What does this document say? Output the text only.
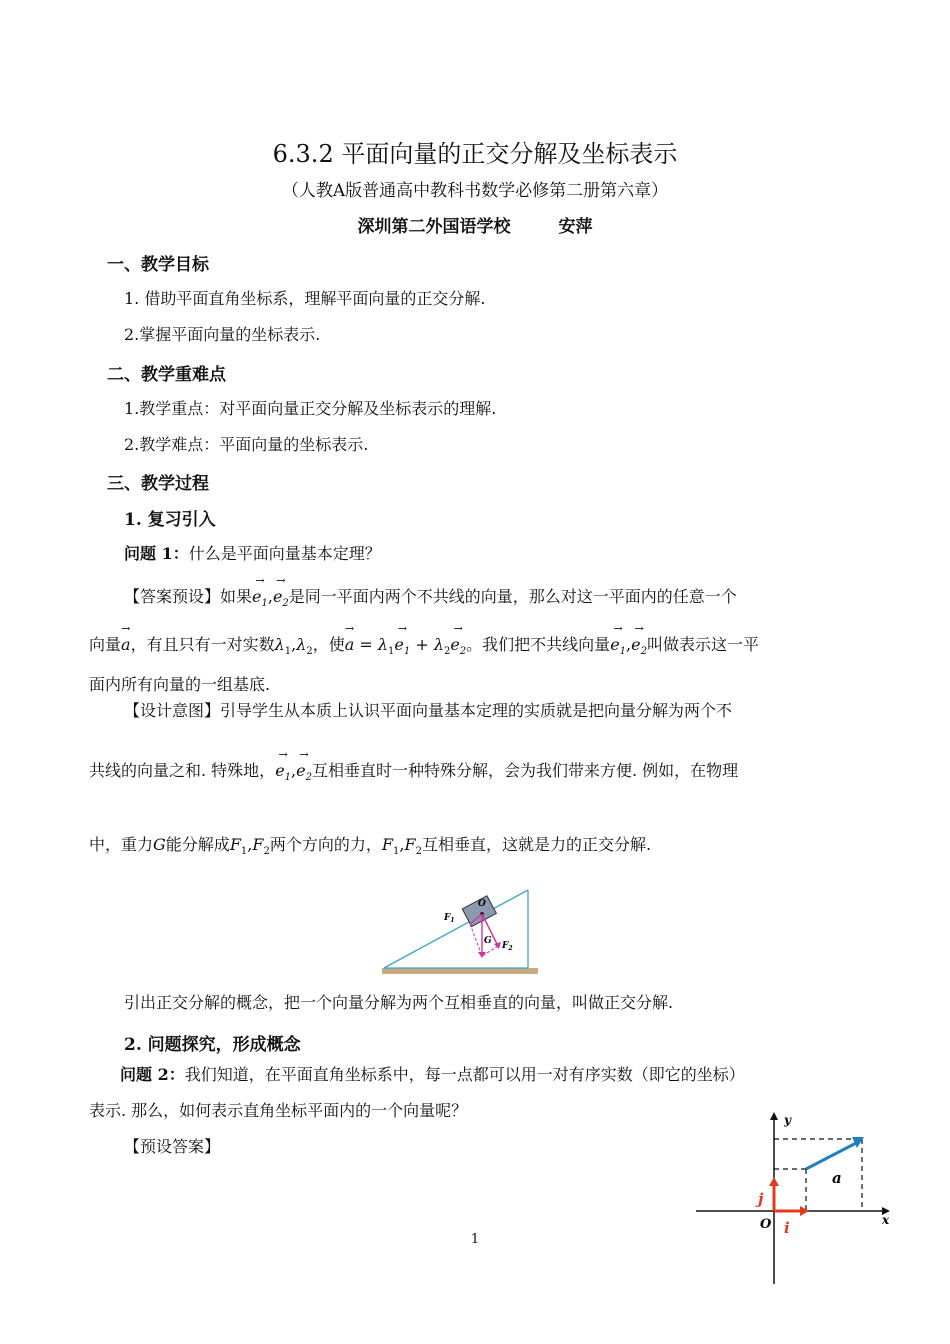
6.3.2 平面向量的正交分解及坐标表示
（人教A版普通高中教科书数学必修第二册第六章）
深圳第二外国语学校	安萍
一、教学目标
1. 借助平面直角坐标系，理解平面向量的正交分解.
2.掌握平面向量的坐标表示.
二、教学重难点
1.教学重点：对平面向量正交分解及坐标表示的理解.
2.教学难点：平面向量的坐标表示.
三、教学过程
1. 复习引入
问题 1：什么是平面向量基本定理？
【答案预设】如果→ $e_1,\to e_2$是同一平面内两个不共线的向量，那么对这一平面内的任意一个
向量→ a，有且只有一对实数$\lambda_1,\lambda_2$，使→ $a = \lambda_1\to e_1 + \lambda_2\to e_2$。我们把不共线向量→ $e_1,\to e_2$叫做表示这一平
面内所有向量的一组基底.
【设计意图】引导学生从本质上认识平面向量基本定理的实质就是把向量分解为两个不
共线的向量之和. 特殊地，→ $e_1,\to e_2$互相垂直时一种特殊分解，会为我们带来方便. 例如，在物理
中，重力G能分解成$F_1,F_2$两个方向的力，$F_1,F_2$互相垂直，这就是力的正交分解.
O
$F_1$
G $F_2$
引出正交分解的概念，把一个向量分解为两个互相垂直的向量，叫做正交分解.
2. 问题探究，形成概念
问题 2：我们知道，在平面直角坐标系中，每一点都可以用一对有序实数（即它的坐标）
表示. 那么，如何表示直角坐标平面内的一个向量呢？
【预设答案】
y
x
O i
j
a
1
